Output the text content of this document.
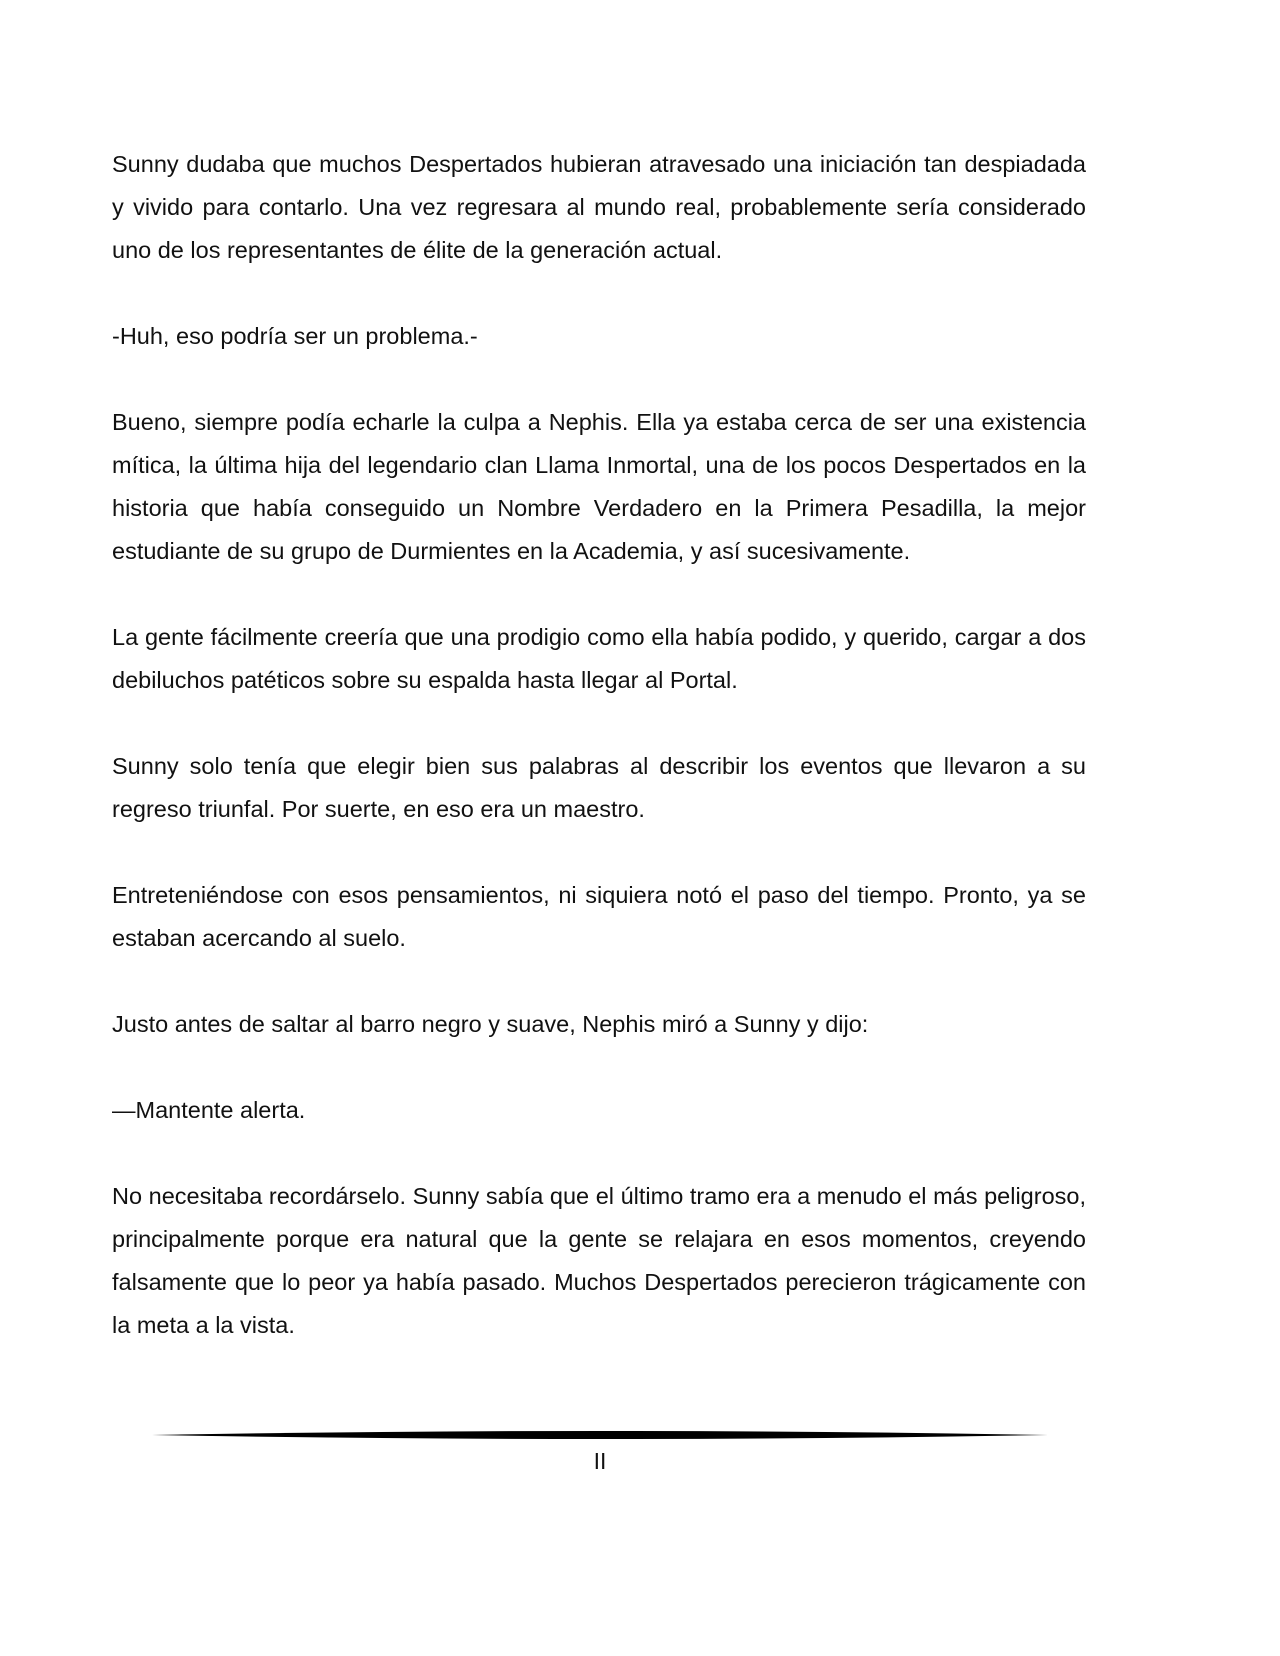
Sunny dudaba que muchos Despertados hubieran atravesado una iniciación tan despiadada y vivido para contarlo. Una vez regresara al mundo real, probablemente sería considerado uno de los representantes de élite de la generación actual.

-Huh, eso podría ser un problema.-

Bueno, siempre podía echarle la culpa a Nephis. Ella ya estaba cerca de ser una existencia mítica, la última hija del legendario clan Llama Inmortal, una de los pocos Despertados en la historia que había conseguido un Nombre Verdadero en la Primera Pesadilla, la mejor estudiante de su grupo de Durmientes en la Academia, y así sucesivamente.

La gente fácilmente creería que una prodigio como ella había podido, y querido, cargar a dos debiluchos patéticos sobre su espalda hasta llegar al Portal.

Sunny solo tenía que elegir bien sus palabras al describir los eventos que llevaron a su regreso triunfal. Por suerte, en eso era un maestro.

Entreteniéndose con esos pensamientos, ni siquiera notó el paso del tiempo. Pronto, ya se estaban acercando al suelo.

Justo antes de saltar al barro negro y suave, Nephis miró a Sunny y dijo:

—Mantente alerta.

No necesitaba recordárselo. Sunny sabía que el último tramo era a menudo el más peligroso, principalmente porque era natural que la gente se relajara en esos momentos, creyendo falsamente que lo peor ya había pasado. Muchos Despertados perecieron trágicamente con la meta a la vista.

II
